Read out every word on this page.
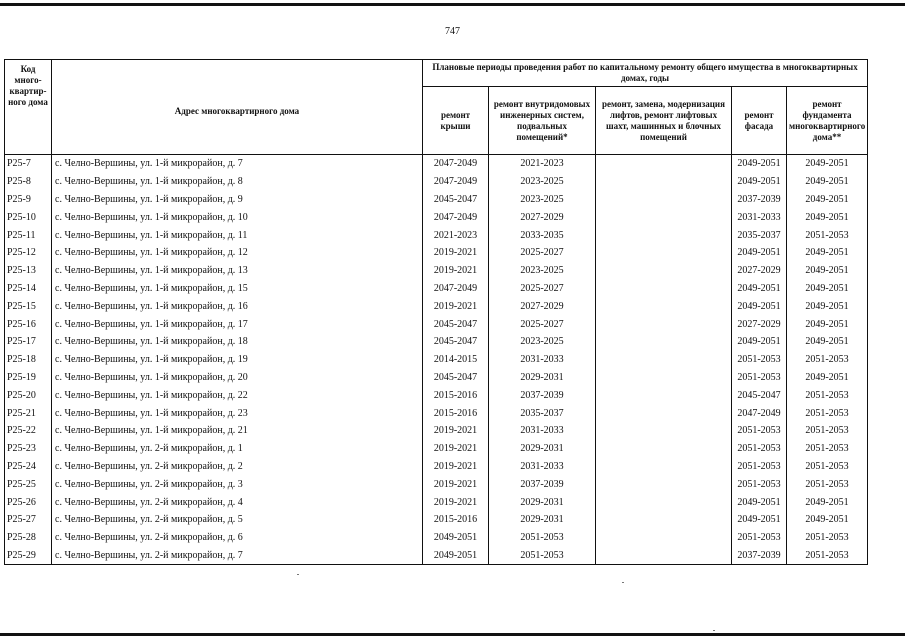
747
Код много-квартир-ного дома	Адрес многоквартирного дома	Плановые периоды проведения работ по капитальному ремонту общего имущества в многоквартирных домах, годы				
		ремонт крыши	ремонт внутридомовых инженерных систем, подвальных помещений*	ремонт, замена, модернизация лифтов, ремонт лифтовых шахт, машинных и блочных помещений	ремонт фасада	ремонт фундамента многоквартирного дома**
P25-7	с. Челно-Вершины, ул. 1-й микрорайон, д. 7	2047-2049	2021-2023		2049-2051	2049-2051
P25-8	с. Челно-Вершины, ул. 1-й микрорайон, д. 8	2047-2049	2023-2025		2049-2051	2049-2051
P25-9	с. Челно-Вершины, ул. 1-й микрорайон, д. 9	2045-2047	2023-2025		2037-2039	2049-2051
P25-10	с. Челно-Вершины, ул. 1-й микрорайон, д. 10	2047-2049	2027-2029		2031-2033	2049-2051
P25-11	с. Челно-Вершины, ул. 1-й микрорайон, д. 11	2021-2023	2033-2035		2035-2037	2051-2053
P25-12	с. Челно-Вершины, ул. 1-й микрорайон, д. 12	2019-2021	2025-2027		2049-2051	2049-2051
P25-13	с. Челно-Вершины, ул. 1-й микрорайон, д. 13	2019-2021	2023-2025		2027-2029	2049-2051
P25-14	с. Челно-Вершины, ул. 1-й микрорайон, д. 15	2047-2049	2025-2027		2049-2051	2049-2051
P25-15	с. Челно-Вершины, ул. 1-й микрорайон, д. 16	2019-2021	2027-2029		2049-2051	2049-2051
P25-16	с. Челно-Вершины, ул. 1-й микрорайон, д. 17	2045-2047	2025-2027		2027-2029	2049-2051
P25-17	с. Челно-Вершины, ул. 1-й микрорайон, д. 18	2045-2047	2023-2025		2049-2051	2049-2051
P25-18	с. Челно-Вершины, ул. 1-й микрорайон, д. 19	2014-2015	2031-2033		2051-2053	2051-2053
P25-19	с. Челно-Вершины, ул. 1-й микрорайон, д. 20	2045-2047	2029-2031		2051-2053	2049-2051
P25-20	с. Челно-Вершины, ул. 1-й микрорайон, д. 22	2015-2016	2037-2039		2045-2047	2051-2053
P25-21	с. Челно-Вершины, ул. 1-й микрорайон, д. 23	2015-2016	2035-2037		2047-2049	2051-2053
P25-22	с. Челно-Вершины, ул. 1-й микрорайон, д. 21	2019-2021	2031-2033		2051-2053	2051-2053
P25-23	с. Челно-Вершины, ул. 2-й микрорайон, д. 1	2019-2021	2029-2031		2051-2053	2051-2053
P25-24	с. Челно-Вершины, ул. 2-й микрорайон, д. 2	2019-2021	2031-2033		2051-2053	2051-2053
P25-25	с. Челно-Вершины, ул. 2-й микрорайон, д. 3	2019-2021	2037-2039		2051-2053	2051-2053
P25-26	с. Челно-Вершины, ул. 2-й микрорайон, д. 4	2019-2021	2029-2031		2049-2051	2049-2051
P25-27	с. Челно-Вершины, ул. 2-й микрорайон, д. 5	2015-2016	2029-2031		2049-2051	2049-2051
P25-28	с. Челно-Вершины, ул. 2-й микрорайон, д. 6	2049-2051	2051-2053		2051-2053	2051-2053
P25-29	с. Челно-Вершины, ул. 2-й микрорайон, д. 7	2049-2051	2051-2053		2037-2039	2051-2053
